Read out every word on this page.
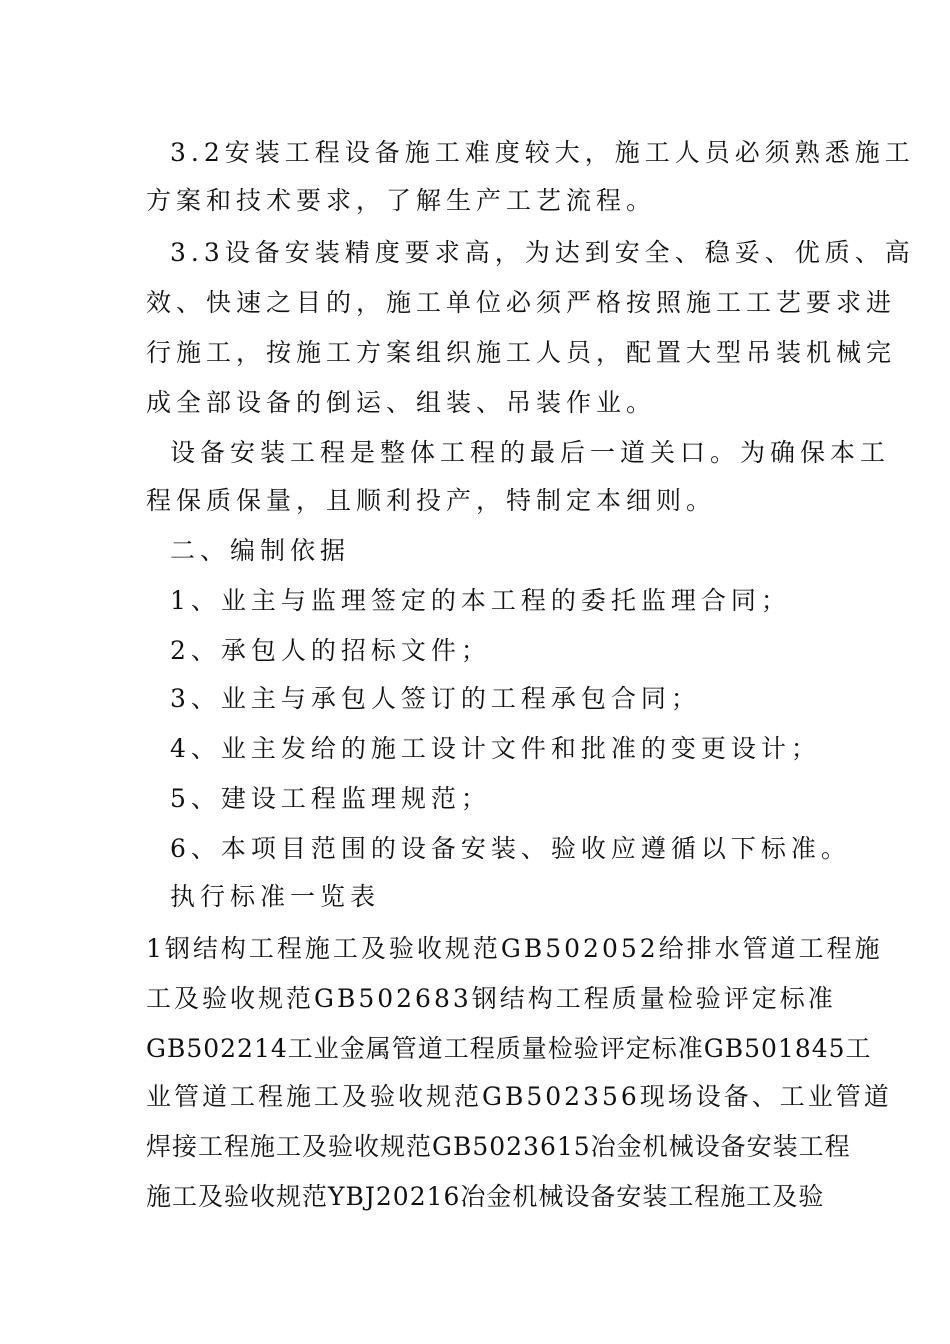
3.2安装工程设备施工难度较大，施工人员必须熟悉施工
方案和技术要求，了解生产工艺流程。
3.3设备安装精度要求高，为达到安全、稳妥、优质、高
效、快速之目的，施工单位必须严格按照施工工艺要求进
行施工，按施工方案组织施工人员，配置大型吊装机械完
成全部设备的倒运、组装、吊装作业。
设备安装工程是整体工程的最后一道关口。为确保本工
程保质保量，且顺利投产，特制定本细则。
二、编制依据
1、业主与监理签定的本工程的委托监理合同；
2、承包人的招标文件；
3、业主与承包人签订的工程承包合同；
4、业主发给的施工设计文件和批准的变更设计；
5、建设工程监理规范；
6、本项目范围的设备安装、验收应遵循以下标准。
执行标准一览表
1钢结构工程施工及验收规范GB502052给排水管道工程施
工及验收规范GB502683钢结构工程质量检验评定标准
GB502214工业金属管道工程质量检验评定标准GB501845工
业管道工程施工及验收规范GB502356现场设备、工业管道
焊接工程施工及验收规范GB5023615冶金机械设备安装工程
施工及验收规范YBJ20216冶金机械设备安装工程施工及验
